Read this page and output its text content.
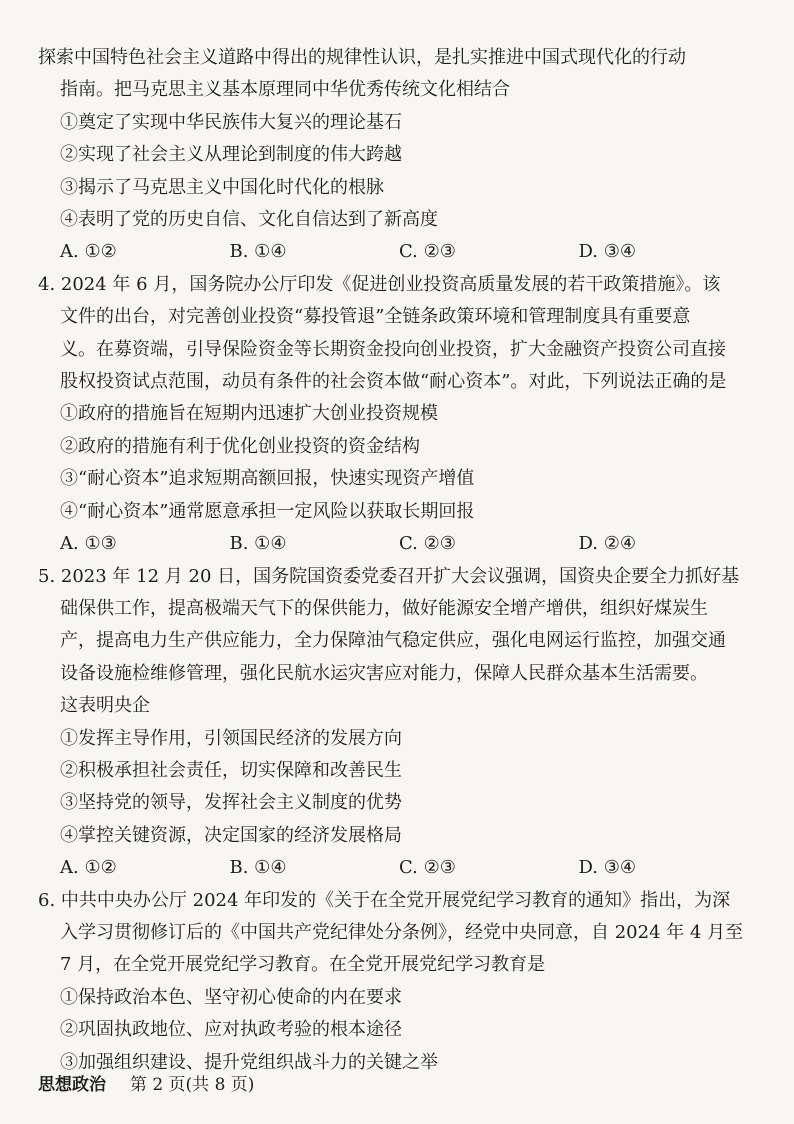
探索中国特色社会主义道路中得出的规律性认识，是扎实推进中国式现代化的行动
指南。把马克思主义基本原理同中华优秀传统文化相结合
①奠定了实现中华民族伟大复兴的理论基石
②实现了社会主义从理论到制度的伟大跨越
③揭示了马克思主义中国化时代化的根脉
④表明了党的历史自信、文化自信达到了新高度
A. ①②	B. ①④	C. ②③	D. ③④
4. 2024 年 6 月，国务院办公厅印发《促进创业投资高质量发展的若干政策措施》。该
文件的出台，对完善创业投资“募投管退”全链条政策环境和管理制度具有重要意
义。在募资端，引导保险资金等长期资金投向创业投资，扩大金融资产投资公司直接
股权投资试点范围，动员有条件的社会资本做“耐心资本”。对此，下列说法正确的是
①政府的措施旨在短期内迅速扩大创业投资规模
②政府的措施有利于优化创业投资的资金结构
③“耐心资本”追求短期高额回报，快速实现资产增值
④“耐心资本”通常愿意承担一定风险以获取长期回报
A. ①③	B. ①④	C. ②③	D. ②④
5. 2023 年 12 月 20 日，国务院国资委党委召开扩大会议强调，国资央企要全力抓好基
础保供工作，提高极端天气下的保供能力，做好能源安全增产增供，组织好煤炭生
产，提高电力生产供应能力，全力保障油气稳定供应，强化电网运行监控，加强交通
设备设施检维修管理，强化民航水运灾害应对能力，保障人民群众基本生活需要。
这表明央企
①发挥主导作用，引领国民经济的发展方向
②积极承担社会责任，切实保障和改善民生
③坚持党的领导，发挥社会主义制度的优势
④掌控关键资源，决定国家的经济发展格局
A. ①②	B. ①④	C. ②③	D. ③④
6. 中共中央办公厅 2024 年印发的《关于在全党开展党纪学习教育的通知》指出，为深
入学习贯彻修订后的《中国共产党纪律处分条例》，经党中央同意，自 2024 年 4 月至
7 月，在全党开展党纪学习教育。在全党开展党纪学习教育是
①保持政治本色、坚守初心使命的内在要求
②巩固执政地位、应对执政考验的根本途径
③加强组织建设、提升党组织战斗力的关键之举
思想政治 第 2 页(共 8 页)
